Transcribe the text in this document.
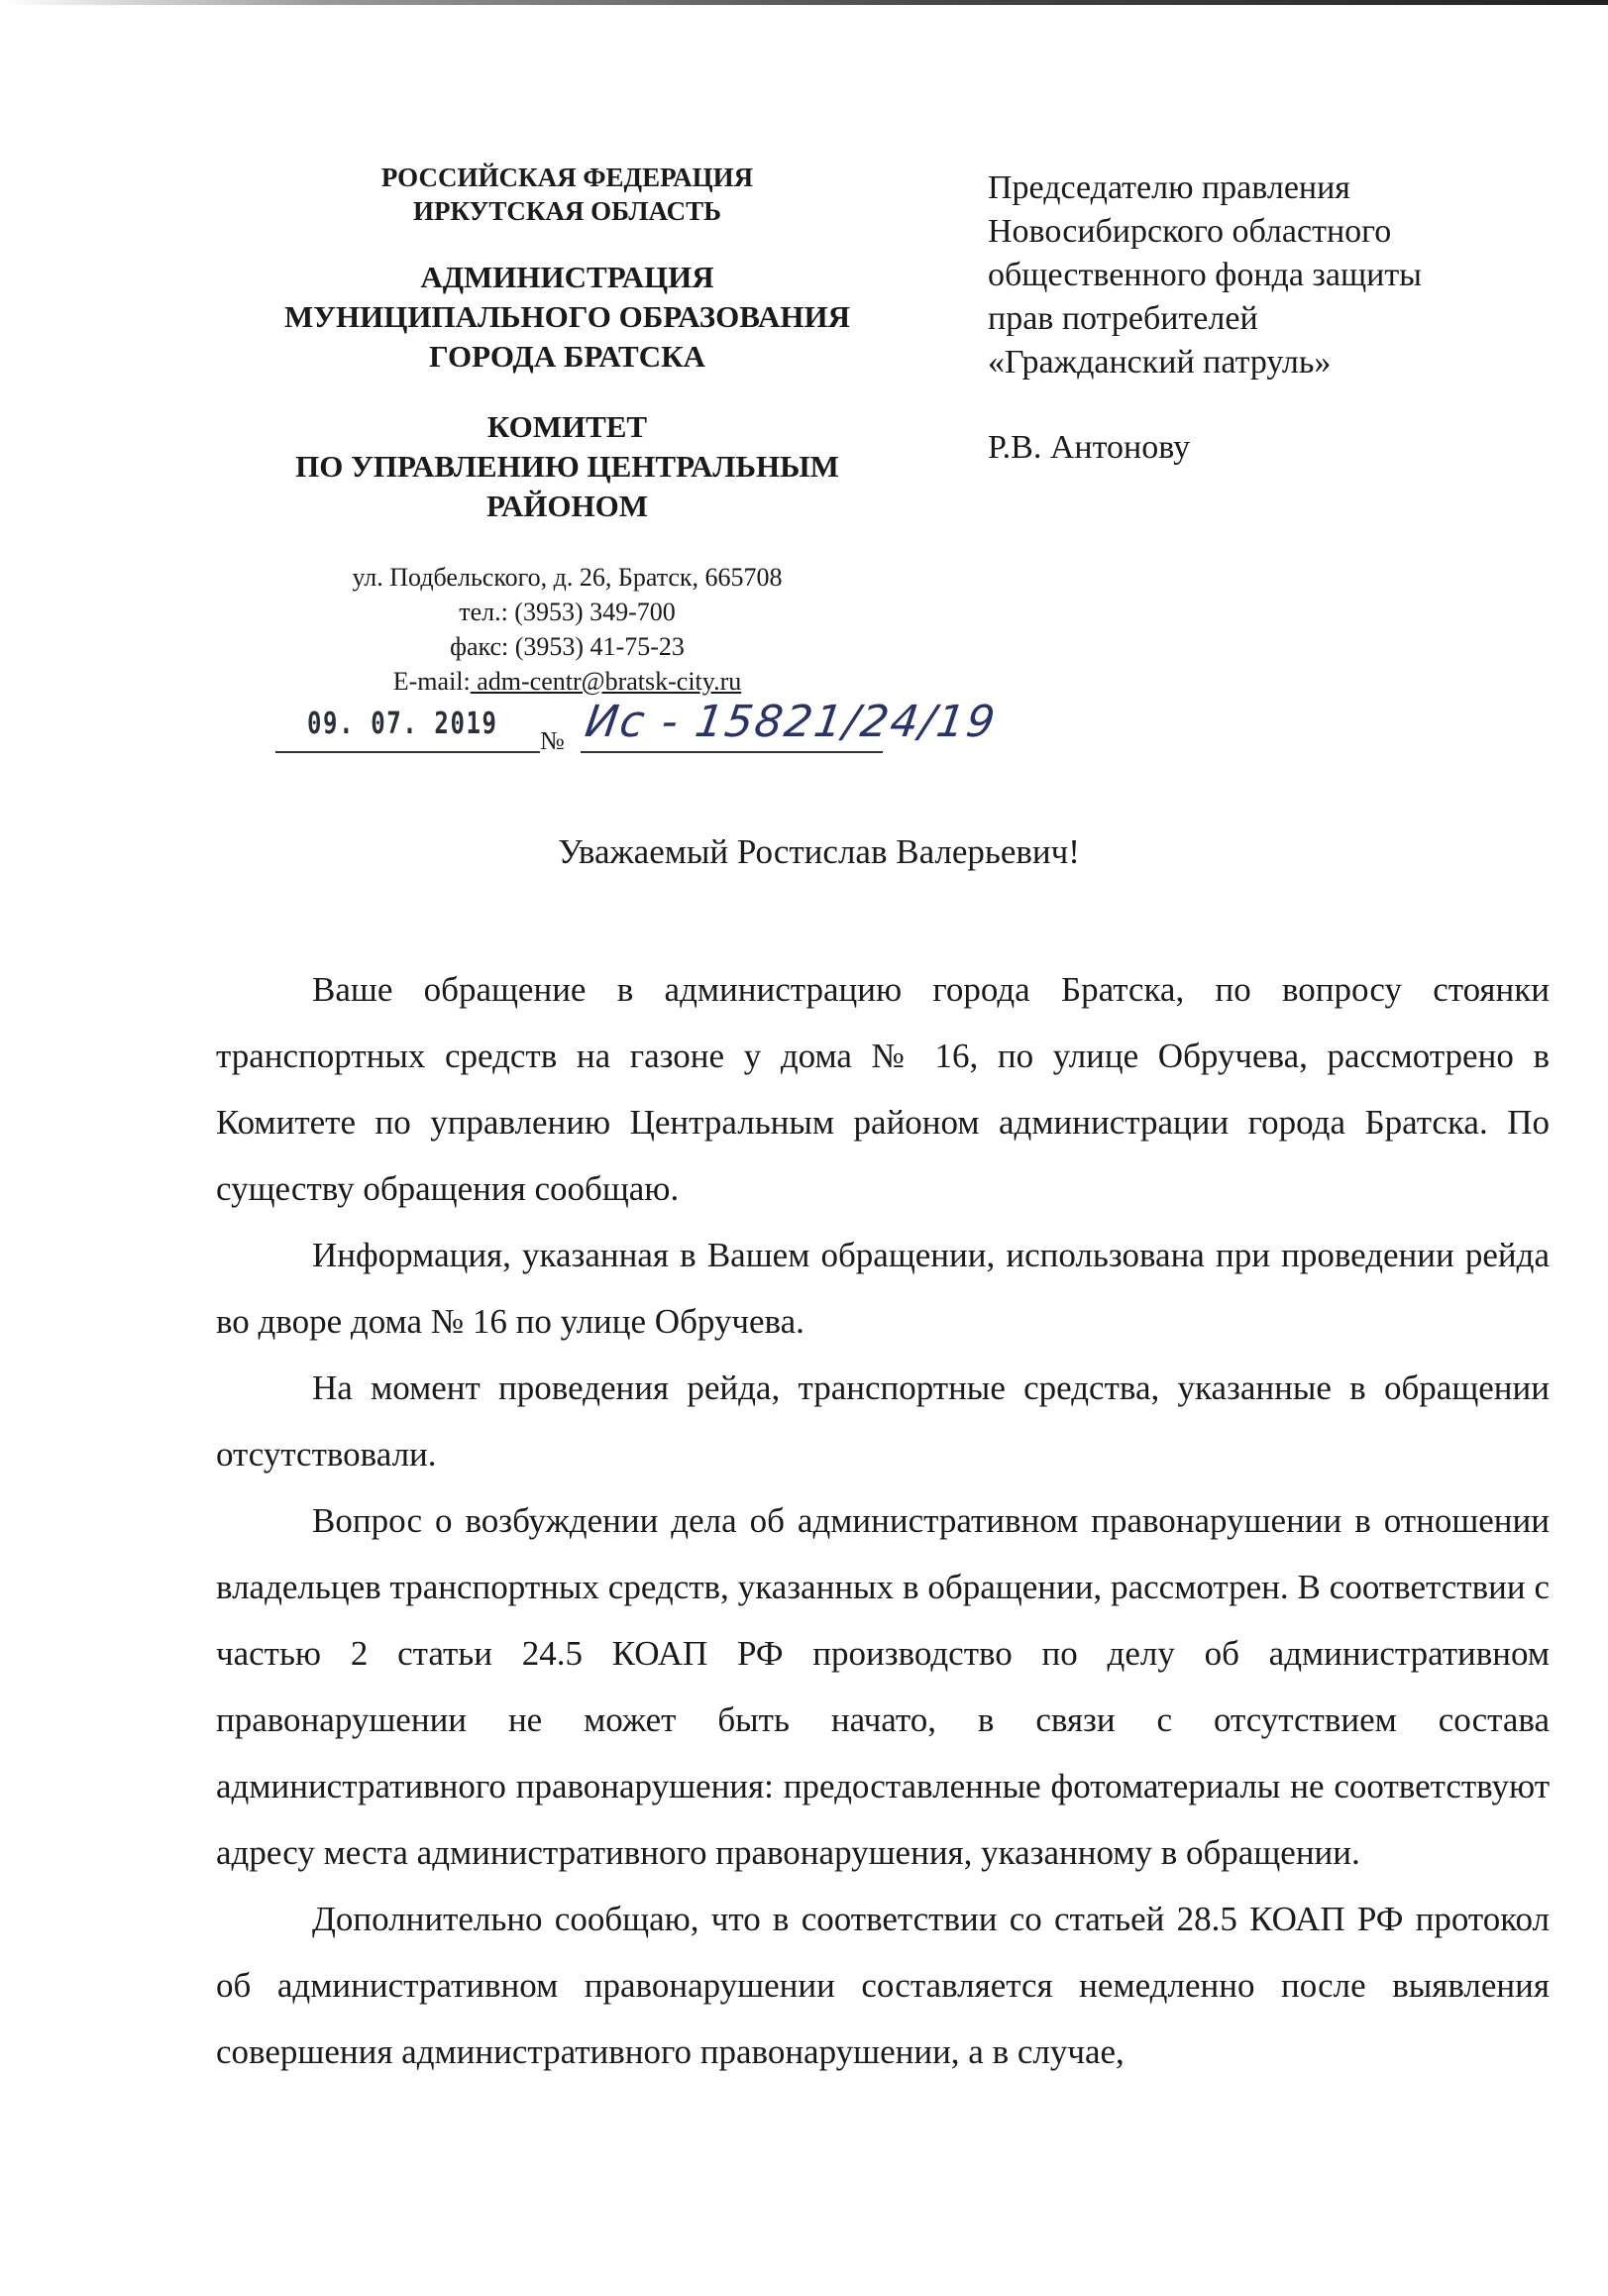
РОССИЙСКАЯ ФЕДЕРАЦИЯ
ИРКУТСКАЯ ОБЛАСТЬ
АДМИНИСТРАЦИЯ
МУНИЦИПАЛЬНОГО ОБРАЗОВАНИЯ
ГОРОДА БРАТСКА
КОМИТЕТ
ПО УПРАВЛЕНИЮ ЦЕНТРАЛЬНЫМ
РАЙОНОМ
ул. Подбельского, д. 26, Братск, 665708
тел.: (3953) 349-700
факс: (3953) 41-75-23
E-mail: adm-centr@bratsk-city.ru
09. 07. 2019 № Ис - 15821/24/19
Председателю правления
Новосибирского областного
общественного фонда защиты
прав потребителей
«Гражданский патруль»
Р.В. Антонову
Уважаемый Ростислав Валерьевич!

Ваше обращение в администрацию города Братска, по вопросу стоянки транспортных средств на газоне у дома № 16, по улице Обручева, рассмотрено в Комитете по управлению Центральным районом администрации города Братска. По существу обращения сообщаю.

Информация, указанная в Вашем обращении, использована при проведении рейда во дворе дома № 16 по улице Обручева.

На момент проведения рейда, транспортные средства, указанные в обращении отсутствовали.

Вопрос о возбуждении дела об административном правонарушении в отношении владельцев транспортных средств, указанных в обращении, рассмотрен. В соответствии с частью 2 статьи 24.5 КОАП РФ производство по делу об административном правонарушении не может быть начато, в связи с отсутствием состава административного правонарушения: предоставленные фотоматериалы не соответствуют адресу места административного правонарушения, указанному в обращении.

Дополнительно сообщаю, что в соответствии со статьей 28.5 КОАП РФ протокол об административном правонарушении составляется немедленно после выявления совершения административного правонарушении, а в случае,
